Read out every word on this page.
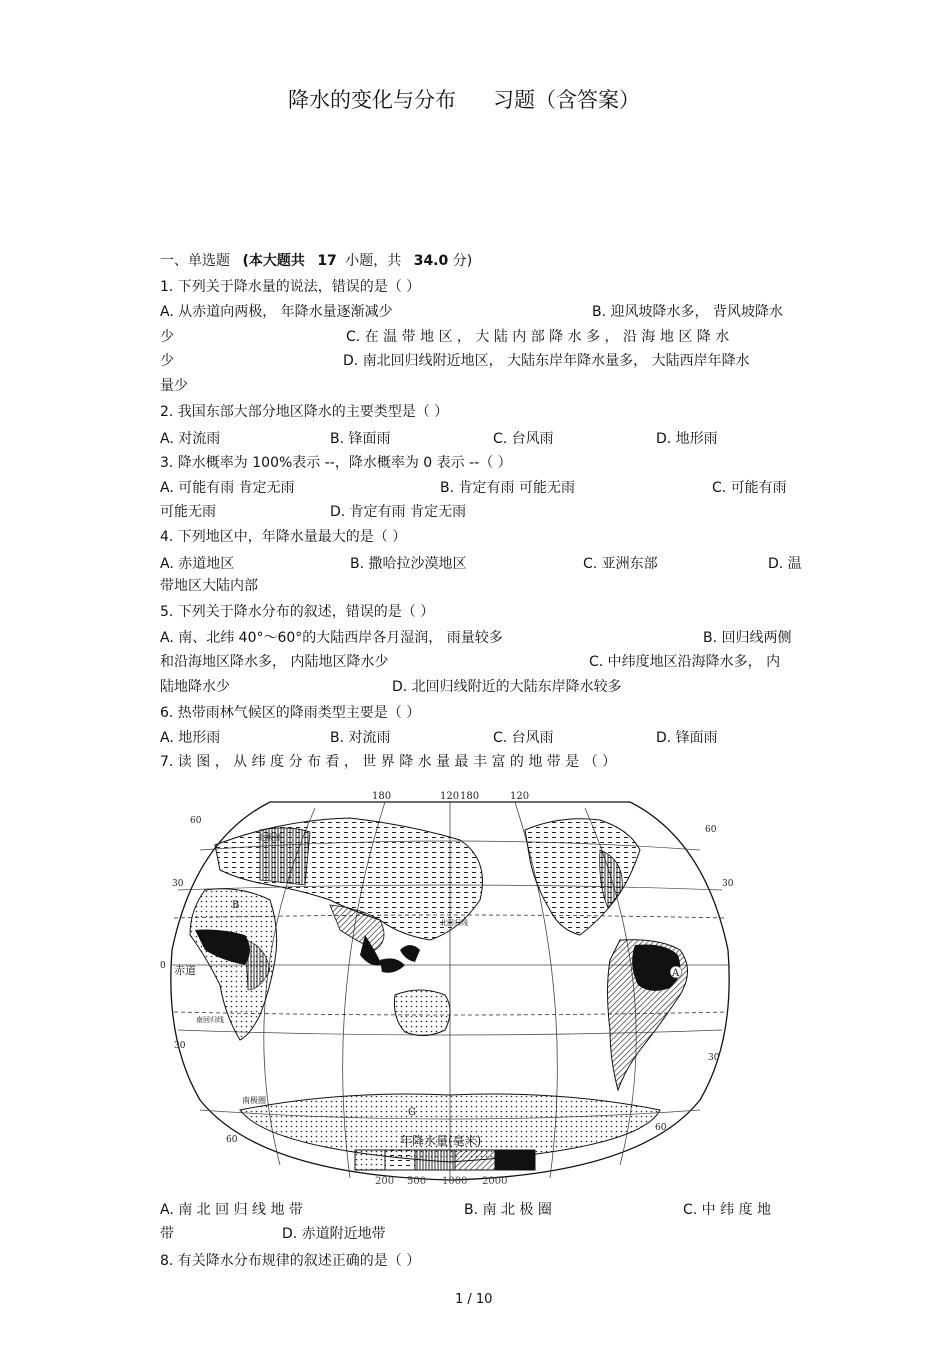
降水的变化与分布 习题（含答案）
一、单选题 (本大题共 17 小题，共 34.0 分)
1. 下列关于降水量的说法，错误的是（ ）
A. 从赤道向两极， 年降水量逐渐减少	B. 迎风坡降水多， 背风坡降水
少	C. 在 温 带 地 区 ， 大 陆 内 部 降 水 多 ， 沿 海 地 区 降 水
少	D. 南北回归线附近地区， 大陆东岸年降水量多， 大陆西岸年降水
量少
2. 我国东部大部分地区降水的主要类型是（ ）
A. 对流雨	B. 锋面雨	C. 台风雨	D. 地形雨
3. 降水概率为 100%表示 --，降水概率为 0 表示 --（ ）
A. 可能有雨 肯定无雨	B. 肯定有雨 可能无雨	C. 可能有雨
可能无雨	D. 肯定有雨 肯定无雨
4. 下列地区中，年降水量最大的是（ ）
A. 赤道地区	B. 撒哈拉沙漠地区	C. 亚洲东部	D. 温
带地区大陆内部
5. 下列关于降水分布的叙述，错误的是（ ）
A. 南、北纬 40°～60°的大陆西岸各月湿润， 雨量较多	B. 回归线两侧
和沿海地区降水多， 内陆地区降水少	C. 中纬度地区沿海降水多， 内
陆地降水少	D. 北回归线附近的大陆东岸降水较多
6. 热带雨林气候区的降雨类型主要是（ ）
A. 地形雨	B. 对流雨	C. 台风雨	D. 锋面雨
7. 读 图 ， 从 纬 度 分 布 看 ， 世 界 降 水 量 最 丰 富 的 地 带 是 （ ）
180	120 180	120
60
30
0
30
60
60
30
30
60
北极圈
北回归线
赤道
南回归线
南极圈
B
A
G
年降水量(毫米)
200 500 1000 2000
A. 南 北 回 归 线 地 带	B. 南 北 极 圈	C. 中 纬 度 地
带	D. 赤道附近地带
8. 有关降水分布规律的叙述正确的是（ ）
1 / 10
